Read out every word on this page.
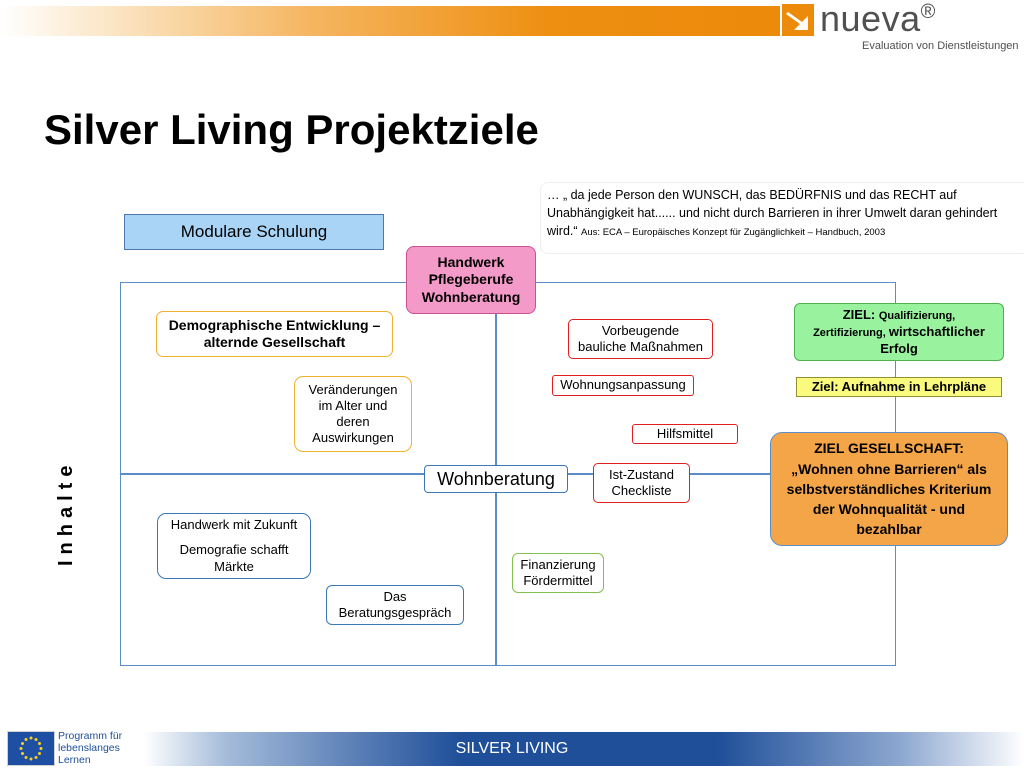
nueva®
Evaluation von Dienstleistungen
Silver Living Projektziele
… „ da jede Person den WUNSCH, das BEDÜRFNIS und das RECHT auf Unabhängigkeit hat...... und nicht durch Barrieren in ihrer Umwelt daran gehindert wird.“ Aus: ECA – Europäisches Konzept für Zugänglichkeit – Handbuch, 2003
Modulare Schulung
Handwerk
Pflegeberufe
Wohnberatung
Demographische Entwicklung –
alternde Gesellschaft
Veränderungen
im Alter und
deren
Auswirkungen
Vorbeugende
bauliche Maßnahmen
Wohnungsanpassung
Hilfsmittel
Ist-Zustand
Checkliste
Wohnberatung
Handwerk mit Zukunft
Demografie schafft
Märkte
Das
Beratungsgespräch
Finanzierung
Fördermittel
ZIEL: Qualifizierung,
Zertifizierung, wirtschaftlicher
Erfolg
Ziel: Aufnahme in Lehrpläne
ZIEL GESELLSCHAFT:
„Wohnen ohne Barrieren“ als
selbstverständliches Kriterium
der Wohnqualität - und
bezahlbar
Inhalte
SILVER LIVING
Programm für
lebenslanges
Lernen
